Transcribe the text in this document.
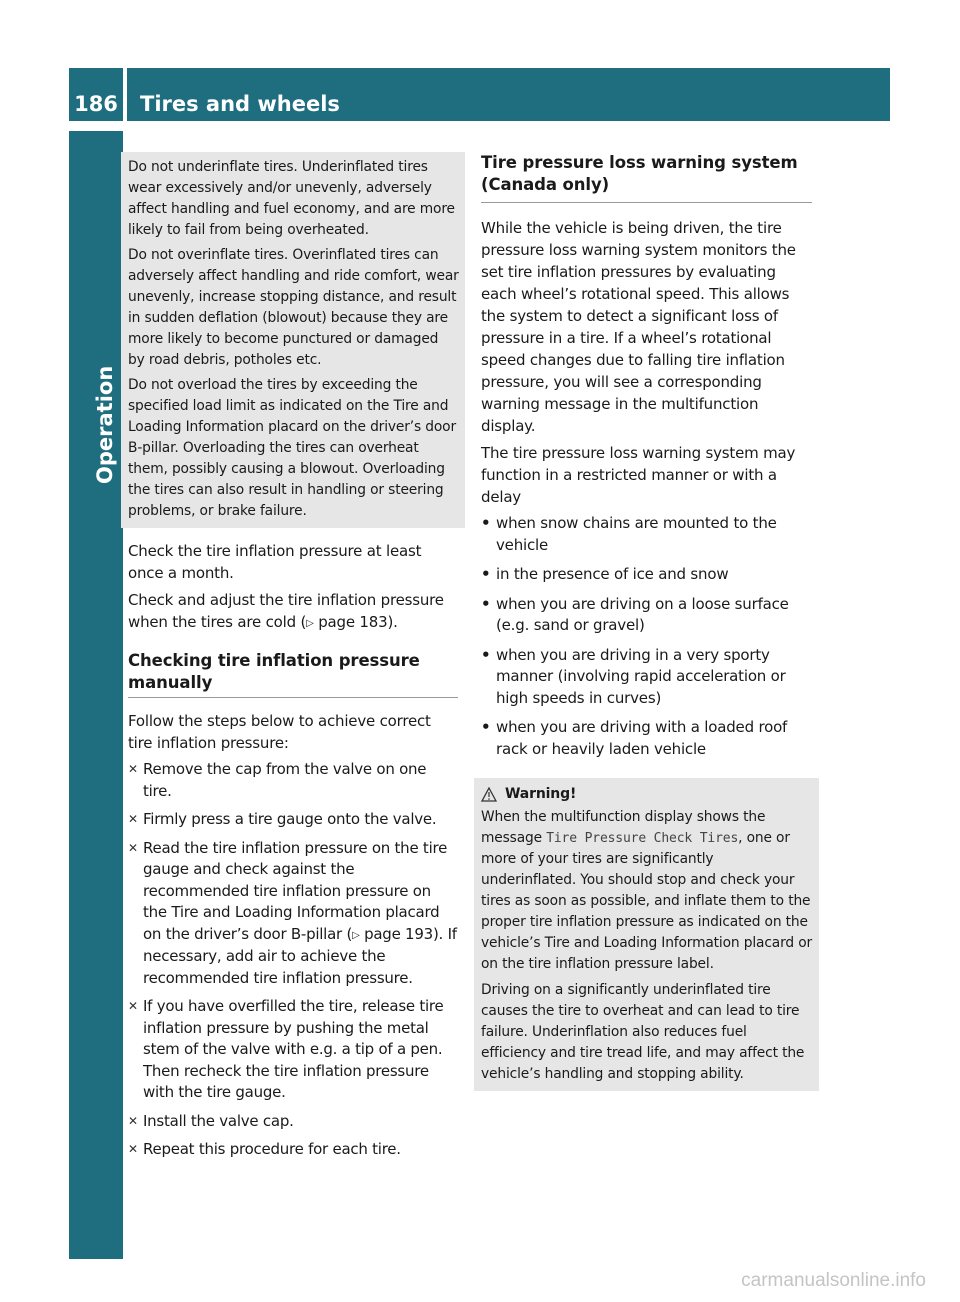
186 Tires and wheels
Operation

Do not underinflate tires. Underinflated tires wear excessively and/or unevenly, adversely affect handling and fuel economy, and are more likely to fail from being overheated.

Do not overinflate tires. Overinflated tires can adversely affect handling and ride comfort, wear unevenly, increase stopping distance, and result in sudden deflation (blowout) because they are more likely to become punctured or damaged by road debris, potholes etc.

Do not overload the tires by exceeding the specified load limit as indicated on the Tire and Loading Information placard on the driver’s door B-pillar. Overloading the tires can overheat them, possibly causing a blowout. Overloading the tires can also result in handling or steering problems, or brake failure.

Check the tire inflation pressure at least once a month.

Check and adjust the tire inflation pressure when the tires are cold (▷ page 183).

Checking tire inflation pressure manually

Follow the steps below to achieve correct tire inflation pressure:

✕ Remove the cap from the valve on one tire.
✕ Firmly press a tire gauge onto the valve.
✕ Read the tire inflation pressure on the tire gauge and check against the recommended tire inflation pressure on the Tire and Loading Information placard on the driver’s door B-pillar (▷ page 193). If necessary, add air to achieve the recommended tire inflation pressure.
✕ If you have overfilled the tire, release tire inflation pressure by pushing the metal stem of the valve with e.g. a tip of a pen. Then recheck the tire inflation pressure with the tire gauge.
✕ Install the valve cap.
✕ Repeat this procedure for each tire.
Tire pressure loss warning system (Canada only)

While the vehicle is being driven, the tire pressure loss warning system monitors the set tire inflation pressures by evaluating each wheel’s rotational speed. This allows the system to detect a significant loss of pressure in a tire. If a wheel’s rotational speed changes due to falling tire inflation pressure, you will see a corresponding warning message in the multifunction display.

The tire pressure loss warning system may function in a restricted manner or with a delay

• when snow chains are mounted to the vehicle
• in the presence of ice and snow
• when you are driving on a loose surface (e.g. sand or gravel)
• when you are driving in a very sporty manner (involving rapid acceleration or high speeds in curves)
• when you are driving with a loaded roof rack or heavily laden vehicle
Warning!

When the multifunction display shows the message Tire Pressure Check Tires, one or more of your tires are significantly underinflated. You should stop and check your tires as soon as possible, and inflate them to the proper tire inflation pressure as indicated on the vehicle’s Tire and Loading Information placard or on the tire inflation pressure label.

Driving on a significantly underinflated tire causes the tire to overheat and can lead to tire failure. Underinflation also reduces fuel efficiency and tire tread life, and may affect the vehicle’s handling and stopping ability.

carmanualsonline.info
